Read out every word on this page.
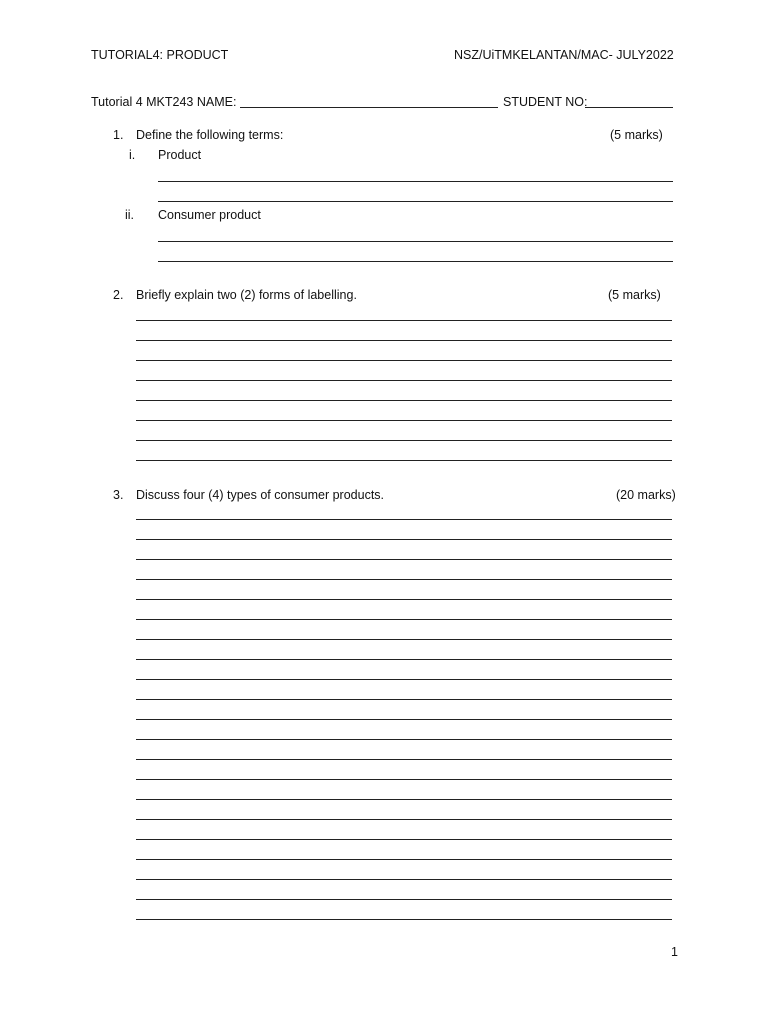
TUTORIAL4: PRODUCT	NSZ/UiTMKELANTAN/MAC- JULY2022
Tutorial 4 MKT243 NAME:	STUDENT NO:
1. Define the following terms:	(5 marks)
i. Product
ii. Consumer product
2. Briefly explain two (2) forms of labelling.	(5 marks)
3. Discuss four (4) types of consumer products.	(20 marks)
1
